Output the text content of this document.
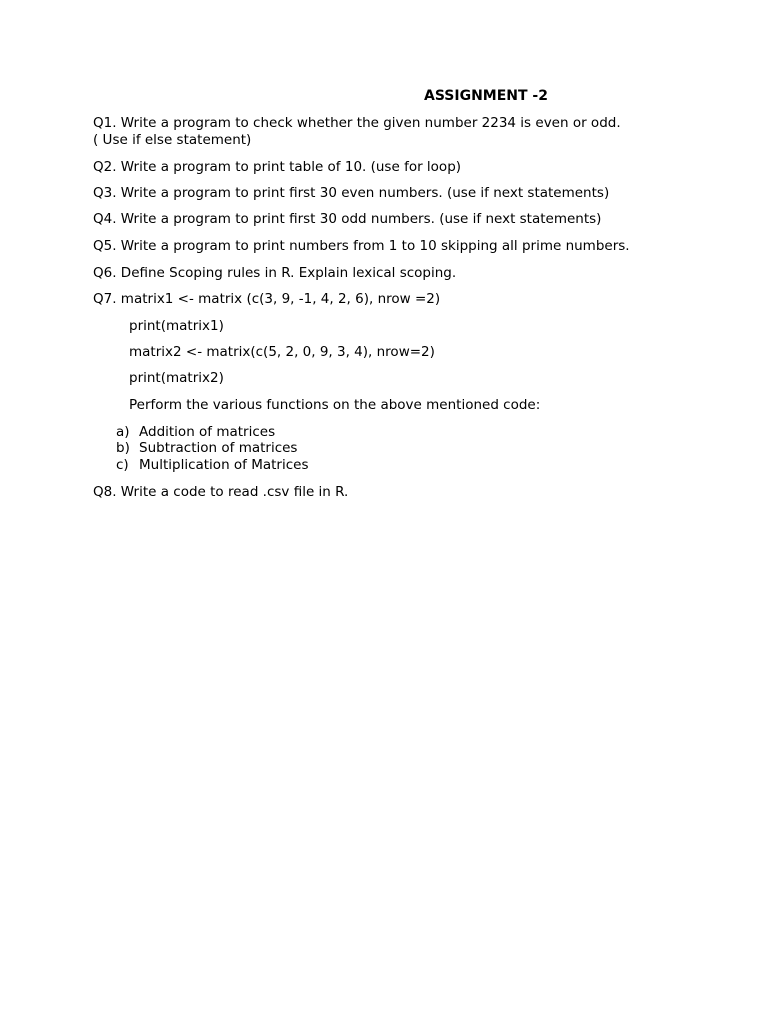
ASSIGNMENT -2
Q1. Write a program to check whether the given number 2234 is even or odd.
( Use if else statement)
Q2. Write a program to print table of 10. (use for loop)
Q3. Write a program to print first 30 even numbers. (use if next statements)
Q4. Write a program to print first 30 odd numbers. (use if next statements)
Q5. Write a program to print numbers from 1 to 10 skipping all prime numbers.
Q6. Define Scoping rules in R. Explain lexical scoping.
Q7. matrix1 <- matrix (c(3, 9, -1, 4, 2, 6), nrow =2)
print(matrix1)
matrix2 <- matrix(c(5, 2, 0, 9, 3, 4), nrow=2)
print(matrix2)
Perform the various functions on the above mentioned code:
a) Addition of matrices
b) Subtraction of matrices
c) Multiplication of Matrices
Q8. Write a code to read .csv file in R.
